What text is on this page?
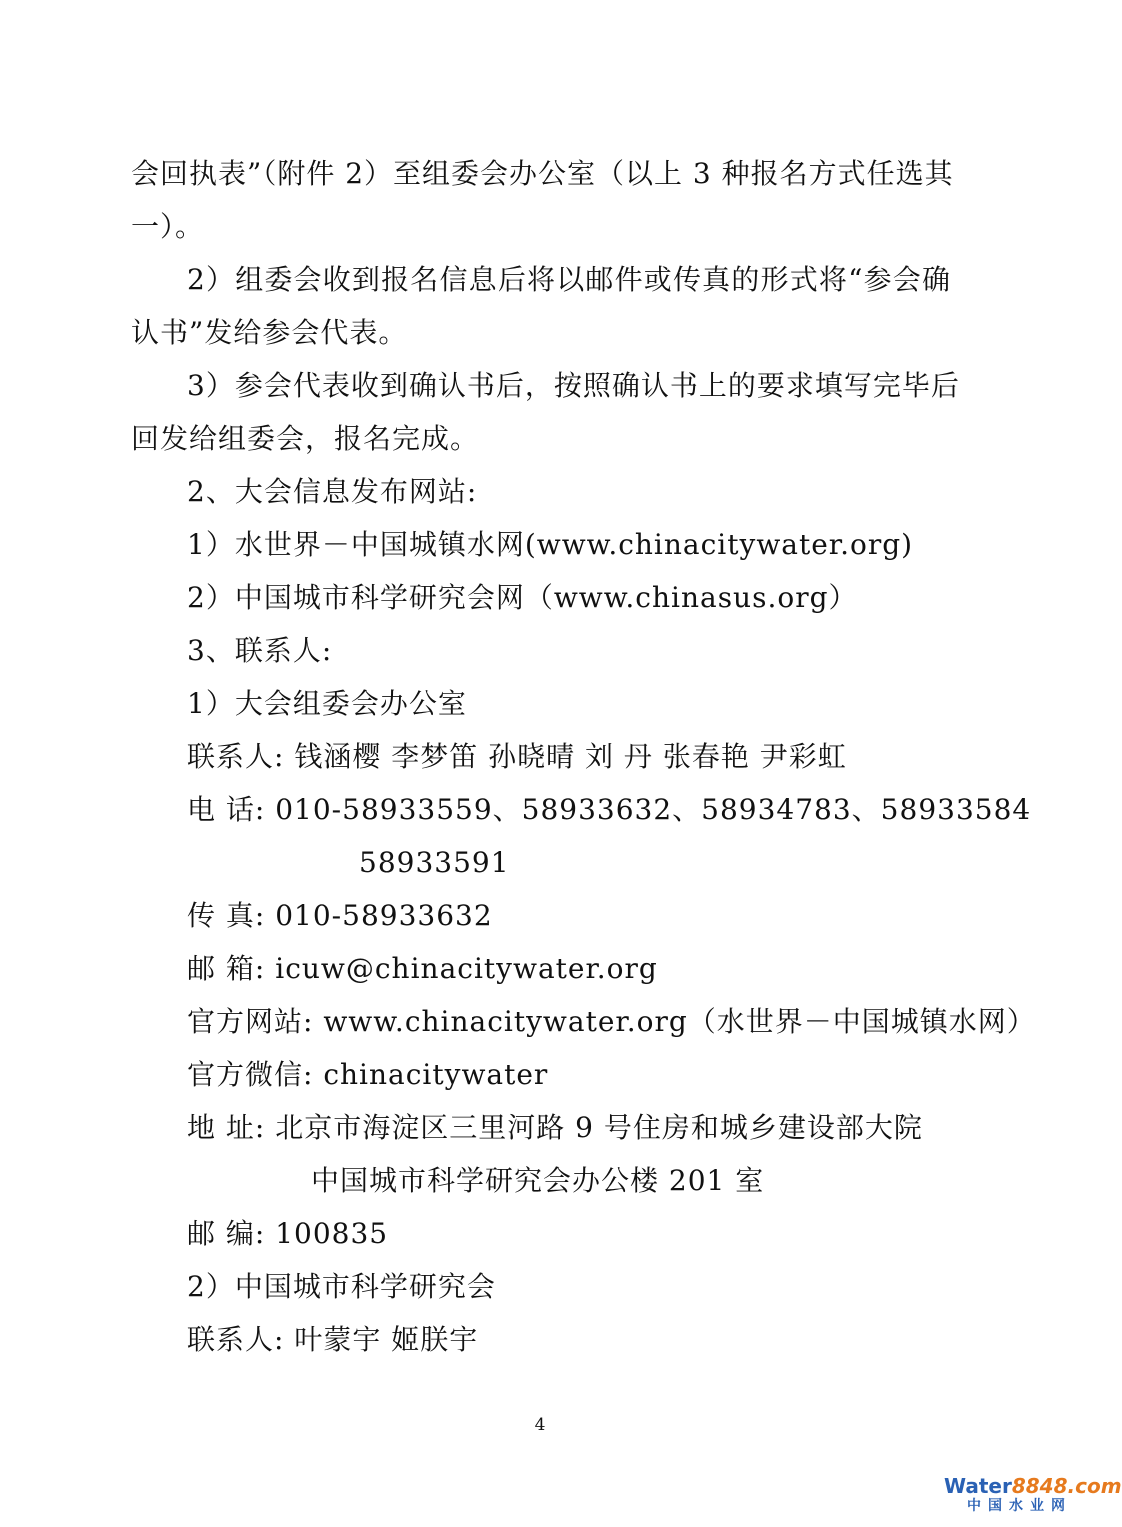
会回执表”（附件 2）至组委会办公室（以上 3 种报名方式任选其
一）。
2）组委会收到报名信息后将以邮件或传真的形式将“参会确
认书”发给参会代表。
3）参会代表收到确认书后，按照确认书上的要求填写完毕后
回发给组委会，报名完成。
2、大会信息发布网站:
1）水世界－中国城镇水网(www.chinacitywater.org)
2）中国城市科学研究会网（www.chinasus.org）
3、联系人:
1）大会组委会办公室
联系人: 钱涵樱 李梦笛 孙晓晴 刘 丹 张春艳 尹彩虹
电 话: 010-58933559、58933632、58934783、58933584
58933591
传 真: 010-58933632
邮 箱: icuw@chinacitywater.org
官方网站: www.chinacitywater.org（水世界－中国城镇水网）
官方微信: chinacitywater
地 址: 北京市海淀区三里河路 9 号住房和城乡建设部大院
中国城市科学研究会办公楼 201 室
邮 编: 100835
2）中国城市科学研究会
联系人: 叶蒙宇 姬朕宇
4
Water8848.com
中国水业网
